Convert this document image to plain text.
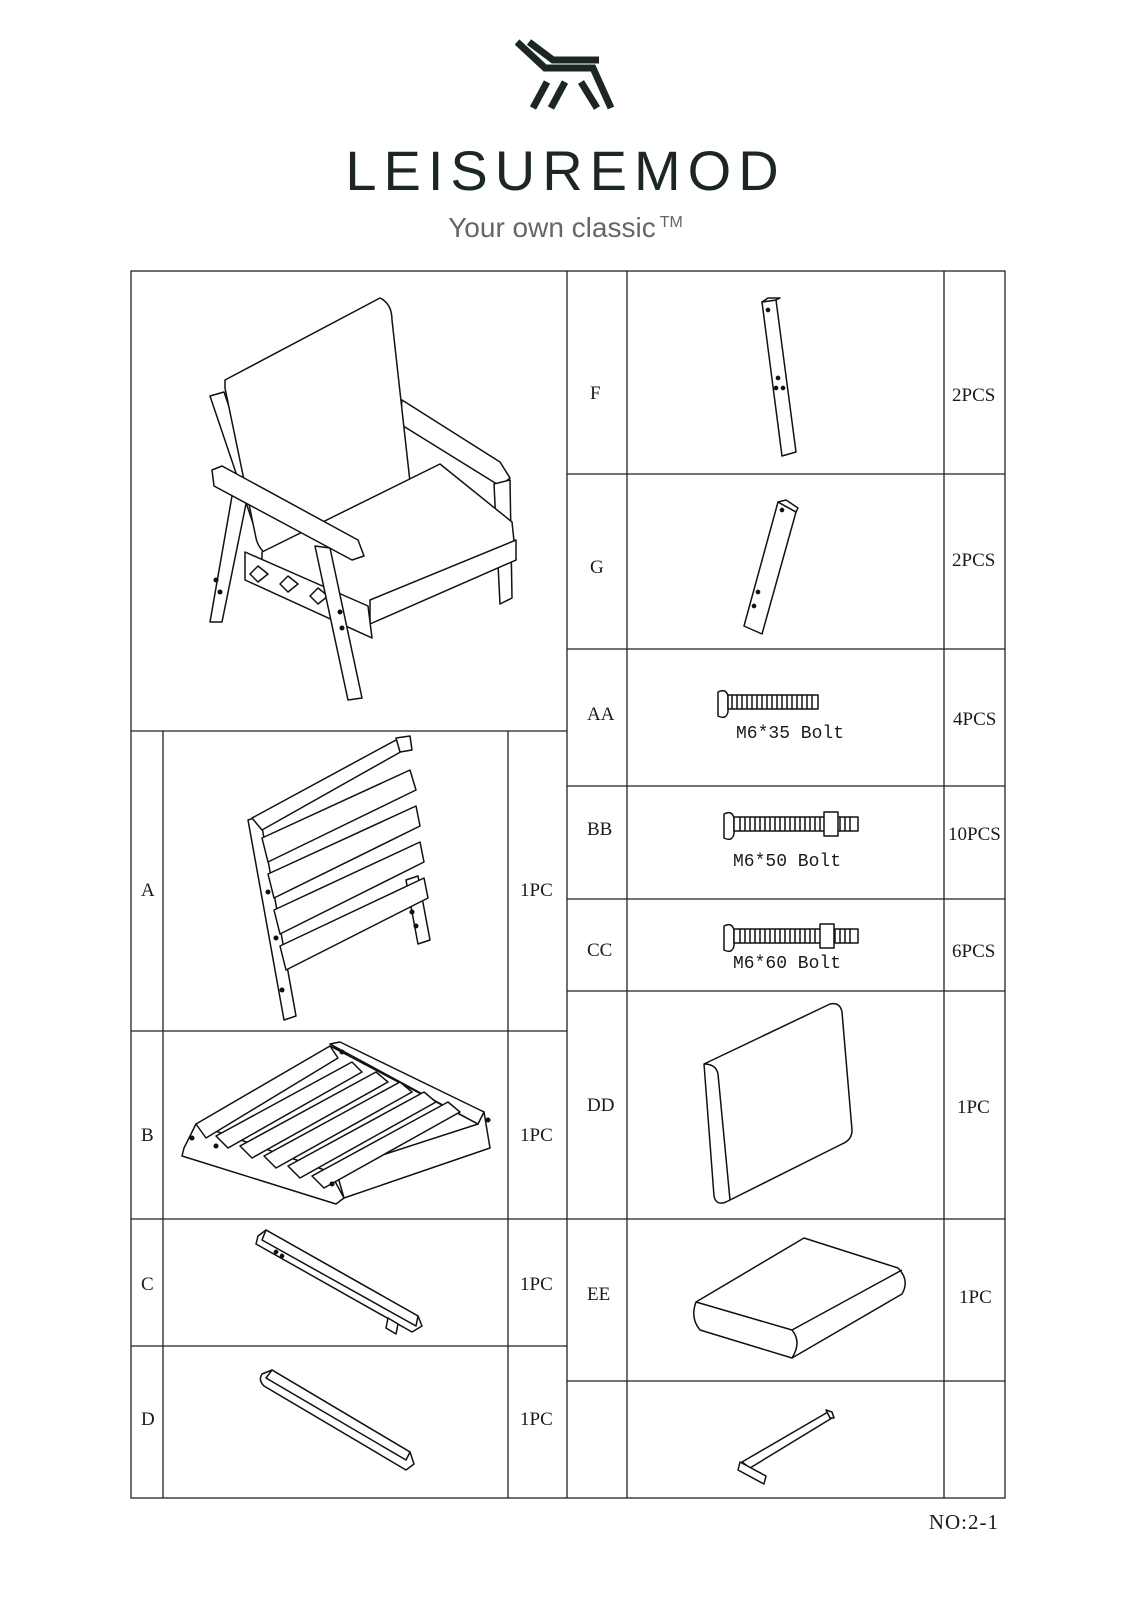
LEISUREMOD
Your own classic ™
A	1PC
B	1PC
C	1PC
D	1PC
F	2PCS
G	2PCS
AA	4PCS
M6*35 Bolt
BB	10PCS
M6*50 Bolt
CC	6PCS
M6*60 Bolt
DD	1PC
EE	1PC
NO:2-1
